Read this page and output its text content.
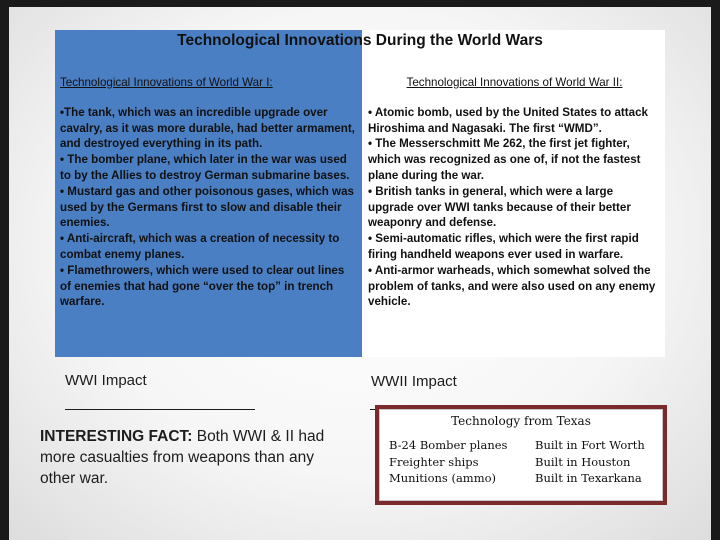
Technological Innovations During the World Wars
Technological Innovations of World War I:
•The tank, which was an incredible upgrade over cavalry, as it was more durable, had better armament, and destroyed everything in its path.
• The bomber plane, which later in the war was used to by the Allies to destroy German submarine bases.
• Mustard gas and other poisonous gases, which was used by the Germans first to slow and disable their enemies.
• Anti-aircraft, which was a creation of necessity to combat enemy planes.
• Flamethrowers, which were used to clear out lines of enemies that had gone “over the top” in trench warfare.
Technological Innovations of World War II:
• Atomic bomb, used by the United States to attack Hiroshima and Nagasaki. The first “WMD”.
• The Messerschmitt Me 262, the first jet fighter, which was recognized as one of, if not the fastest plane during the war.
• British tanks in general, which were a large upgrade over WWI tanks because of their better weaponry and defense.
• Semi-automatic rifles, which were the first rapid firing handheld weapons ever used in warfare.
• Anti-armor warheads, which somewhat solved the problem of tanks, and were also used on any enemy vehicle.
WWI Impact	WWII Impact
INTERESTING FACT: Both WWI & II had more casualties from weapons than any other war.
Technology from Texas
B-24 Bomber planes Built in Fort Worth
Freighter ships	Built in Houston
Munitions (ammo)	Built in Texarkana
